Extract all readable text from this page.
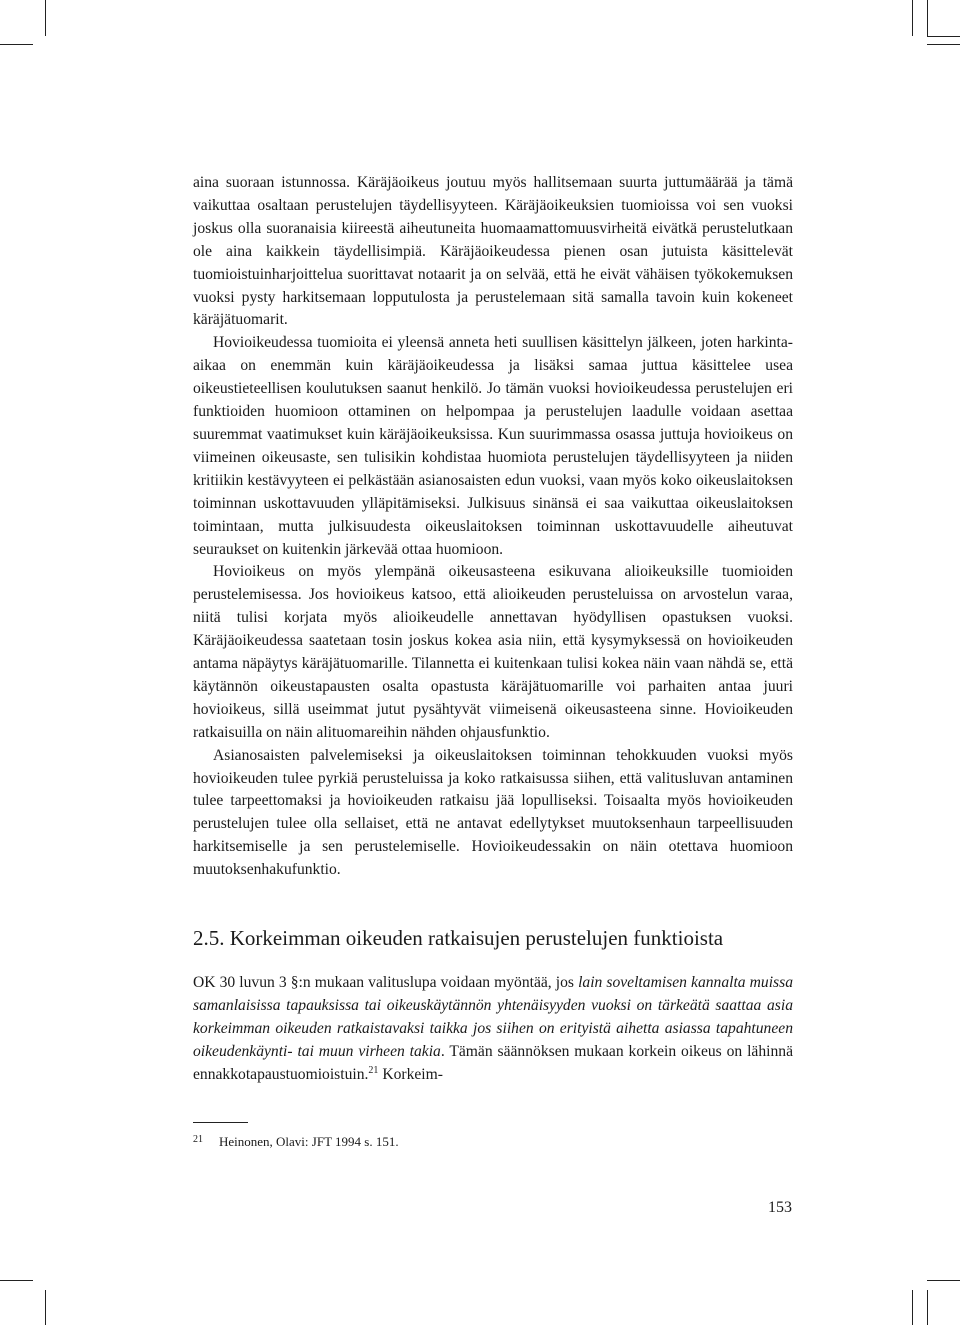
aina suoraan istunnossa. Käräjäoikeus joutuu myös hallitsemaan suurta juttumäärää ja tämä vaikuttaa osaltaan perustelujen täydellisyyteen. Käräjäoikeuksien tuomioissa voi sen vuoksi joskus olla suoranaisia kiireestä aiheutuneita huomaamattomuusvirheitä eivätkä perustelutkaan ole aina kaikkein täydellisimpiä. Käräjäoikeudessa pienen osan jutuista käsittelevät tuomioistuinharjoittelua suorittavat notaarit ja on selvää, että he eivät vähäisen työkokemuksen vuoksi pysty harkitsemaan lopputulosta ja perustelemaan sitä samalla tavoin kuin kokeneet käräjätuomarit.

Hovioikeudessa tuomioita ei yleensä anneta heti suullisen käsittelyn jälkeen, joten harkinta-aikaa on enemmän kuin käräjäoikeudessa ja lisäksi samaa juttua käsittelee usea oikeustieteellisen koulutuksen saanut henkilö. Jo tämän vuoksi hovioikeudessa perustelujen eri funktioiden huomioon ottaminen on helpompaa ja perustelujen laadulle voidaan asettaa suuremmat vaatimukset kuin käräjäoikeuksissa. Kun suurimmassa osassa juttuja hovioikeus on viimeinen oikeusaste, sen tulisikin kohdistaa huomiota perustelujen täydellisyyteen ja niiden kritiikin kestävyyteen ei pelkästään asianosaisten edun vuoksi, vaan myös koko oikeuslaitoksen toiminnan uskottavuuden ylläpitämiseksi. Julkisuus sinänsä ei saa vaikuttaa oikeuslaitoksen toimintaan, mutta julkisuudesta oikeuslaitoksen toiminnan uskottavuudelle aiheutuvat seuraukset on kuitenkin järkevää ottaa huomioon.

Hovioikeus on myös ylempänä oikeusasteena esikuvana alioikeuksille tuomioiden perustelemisessa. Jos hovioikeus katsoo, että alioikeuden perusteluissa on arvostelun varaa, niitä tulisi korjata myös alioikeudelle annettavan hyödyllisen opastuksen vuoksi. Käräjäoikeudessa saatetaan tosin joskus kokea asia niin, että kysymyksessä on hovioikeuden antama näpäytys käräjätuomarille. Tilannetta ei kuitenkaan tulisi kokea näin vaan nähdä se, että käytännön oikeustapausten osalta opastusta käräjätuomarille voi parhaiten antaa juuri hovioikeus, sillä useimmat jutut pysähtyvät viimeisenä oikeusasteena sinne. Hovioikeuden ratkaisuilla on näin alituomareihin nähden ohjausfunktio.

Asianosaisten palvelemiseksi ja oikeuslaitoksen toiminnan tehokkuuden vuoksi myös hovioikeuden tulee pyrkiä perusteluissa ja koko ratkaisussa siihen, että valitusluvan antaminen tulee tarpeettomaksi ja hovioikeuden ratkaisu jää lopulliseksi. Toisaalta myös hovioikeuden perustelujen tulee olla sellaiset, että ne antavat edellytykset muutoksenhaun tarpeellisuuden harkitsemiselle ja sen perustelemiselle. Hovioikeudessakin on näin otettava huomioon muutoksenhakufunktio.

2.5. Korkeimman oikeuden ratkaisujen perustelujen funktioista

OK 30 luvun 3 §:n mukaan valituslupa voidaan myöntää, jos lain soveltamisen kannalta muissa samanlaisissa tapauksissa tai oikeuskäytännön yhtenäisyyden vuoksi on tärkeätä saattaa asia korkeimman oikeuden ratkaistavaksi taikka jos siihen on erityistä aihetta asiassa tapahtuneen oikeudenkäynti- tai muun virheen takia. Tämän säännöksen mukaan korkein oikeus on lähinnä ennakkotapaustuomioistuin.$^{21}$ Korkeim-

21 Heinonen, Olavi: JFT 1994 s. 151.
153
